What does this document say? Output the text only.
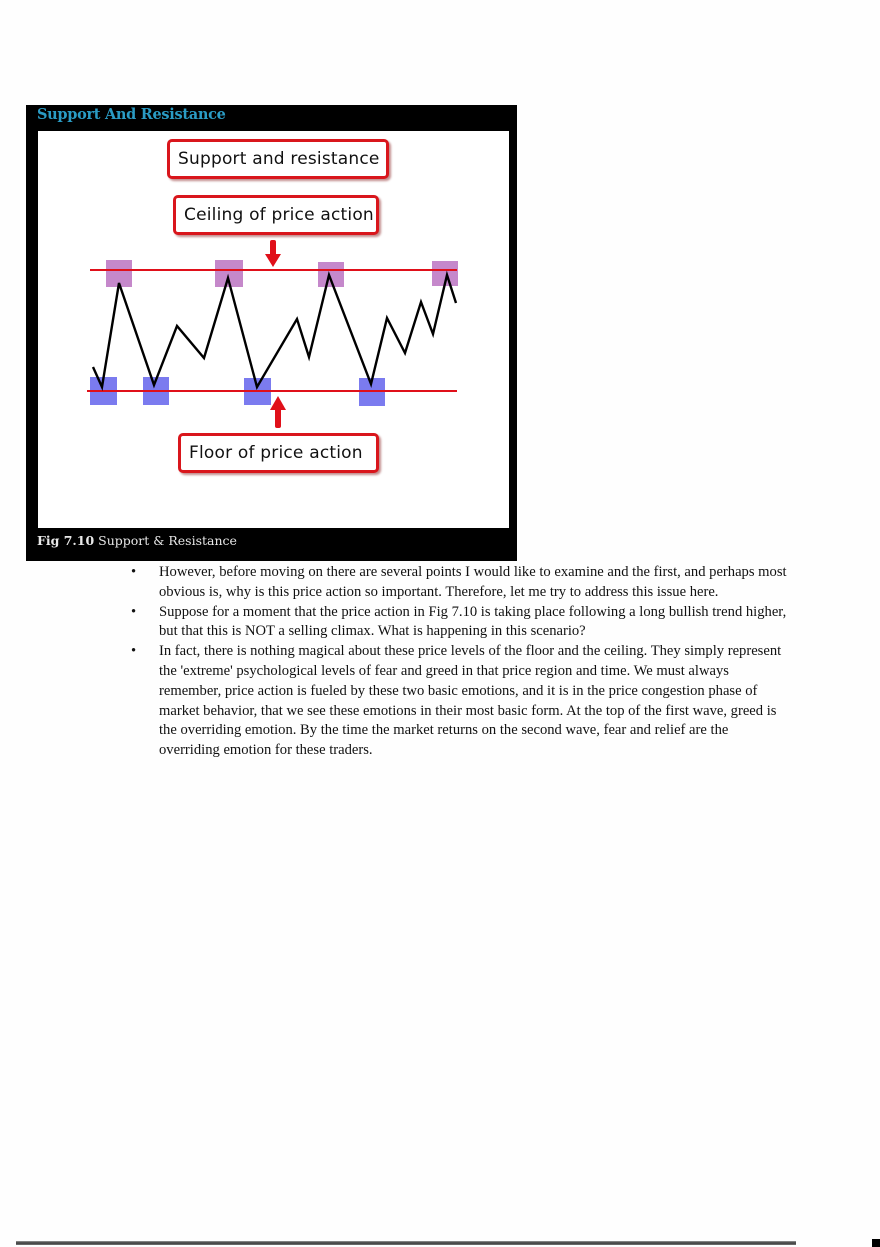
Support And Resistance
Support and resistance
Ceiling of price action
Floor of price action
Fig 7.10 Support & Resistance
•	However, before moving on there are several points I would like to examine and the first, and perhaps most obvious is, why is this price action so important. Therefore, let me try to address this issue here.
•	Suppose for a moment that the price action in Fig 7.10 is taking place following a long bullish trend higher, but that this is NOT a selling climax. What is happening in this scenario?
•	In fact, there is nothing magical about these price levels of the floor and the ceiling. They simply represent the 'extreme' psychological levels of fear and greed in that price region and time. We must always remember, price action is fueled by these two basic emotions, and it is in the price congestion phase of market behavior, that we see these emotions in their most basic form. At the top of the first wave, greed is the overriding emotion. By the time the market returns on the second wave, fear and relief are the overriding emotion for these traders.
